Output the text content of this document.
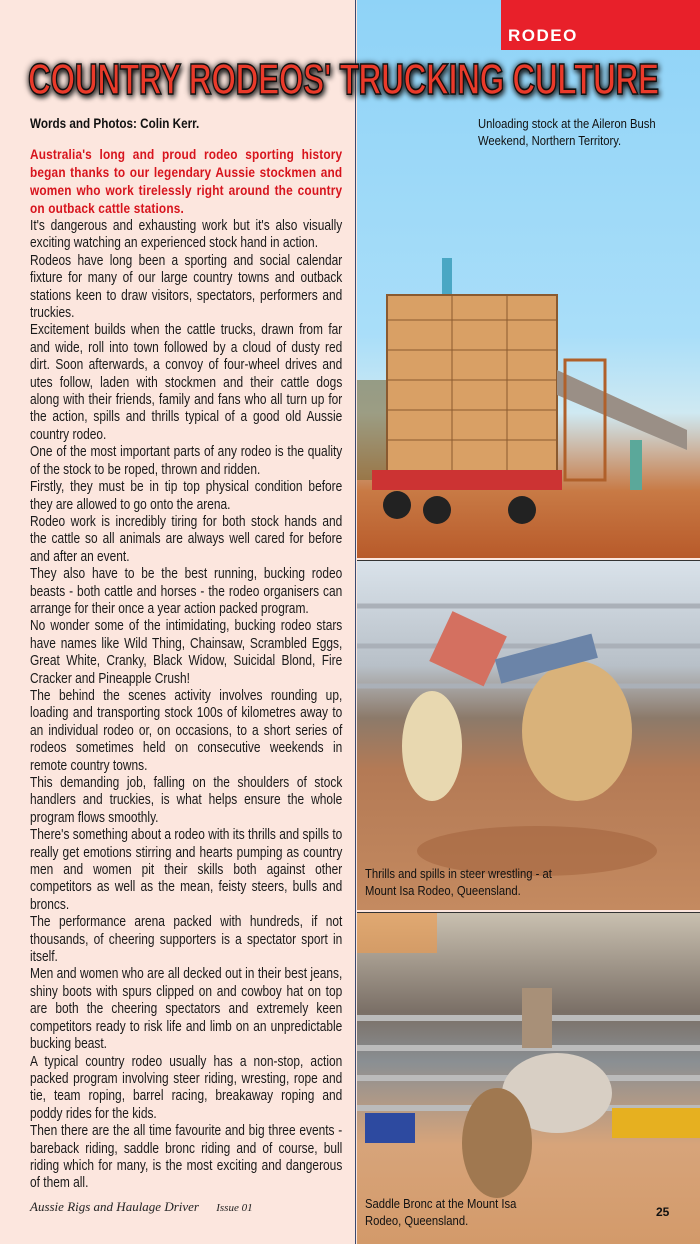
Words and Photos: Colin Kerr.
Australia's long and proud rodeo sporting history began thanks to our legendary Aussie stockmen and women who work tirelessly right around the country on outback cattle stations.

It's dangerous and exhausting work but it's also visually exciting watching an experienced stock hand in action.

Rodeos have long been a sporting and social calendar fixture for many of our large country towns and outback stations keen to draw visitors, spectators, performers and truckies.

Excitement builds when the cattle trucks, drawn from far and wide, roll into town followed by a cloud of dusty red dirt. Soon afterwards, a convoy of four-wheel drives and utes follow, laden with stockmen and their cattle dogs along with their friends, family and fans who all turn up for the action, spills and thrills typical of a good old Aussie country rodeo.

One of the most important parts of any rodeo is the quality of the stock to be roped, thrown and ridden.

Firstly, they must be in tip top physical condition before they are allowed to go onto the arena.

Rodeo work is incredibly tiring for both stock hands and the cattle so all animals are always well cared for before and after an event.

They also have to be the best running, bucking rodeo beasts - both cattle and horses - the rodeo organisers can arrange for their once a year action packed program.

No wonder some of the intimidating, bucking rodeo stars have names like Wild Thing, Chainsaw, Scrambled Eggs, Great White, Cranky, Black Widow, Suicidal Blond, Fire Cracker and Pineapple Crush!

The behind the scenes activity involves rounding up, loading and transporting stock 100s of kilometres away to an individual rodeo or, on occasions, to a short series of rodeos sometimes held on consecutive weekends in remote country towns.

This demanding job, falling on the shoulders of stock handlers and truckies, is what helps ensure the whole program flows smoothly.

There's something about a rodeo with its thrills and spills to really get emotions stirring and hearts pumping as country men and women pit their skills both against other competitors as well as the mean, feisty steers, bulls and broncs.

The performance arena packed with hundreds, if not thousands, of cheering supporters is a spectator sport in itself.

Men and women who are all decked out in their best jeans, shiny boots with spurs clipped on and cowboy hat on top are both the cheering spectators and extremely keen competitors ready to risk life and limb on an unpredictable bucking beast.

A typical country rodeo usually has a non-stop, action packed program involving steer riding, wresting, rope and tie, team roping, barrel racing, breakaway roping and poddy rides for the kids.

Then there are the all time favourite and big three events - bareback riding, saddle bronc riding and of course, bull riding which for many, is the most exciting and dangerous of them all.

Aussie Rigs and Haulage Driver Issue 01
RODEO
Unloading stock at the Aileron Bush Weekend, Northern Territory.
Thrills and spills in steer wrestling - at Mount Isa Rodeo, Queensland.
Saddle Bronc at the Mount Isa Rodeo, Queensland.
25
COUNTRY RODEOS' TRUCKING CULTURE
